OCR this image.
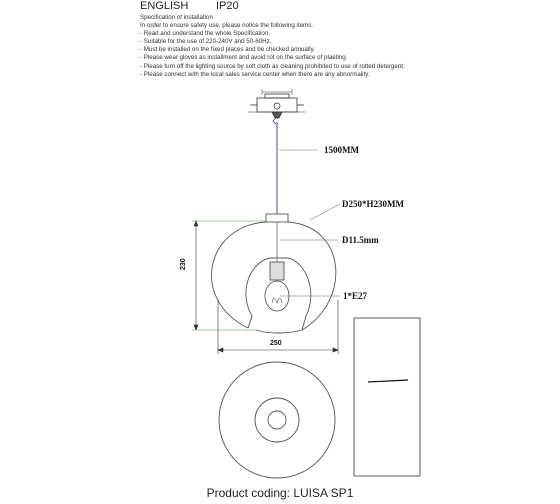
ENGLISH	IP20
Specification of installation
In order to ensure safety use, please notice the following items.
- Read and understand the whole Specification.
- Suitable for the use of 220-240V and 50-60Hz.
- Must be installed on the fixed places and be checked annually.
- Please wear gloves as installment and avoid rot on the surface of plaeting.
- Please turn off the lighting source by soft cloth as cleaning prohibited to use of rotted detergent.
- Please connect with the local sales service center when there are any abnormality.
1500MM
D250*H230MM
D11.5mm
1*E27
230
250
Product coding: LUISA SP1
